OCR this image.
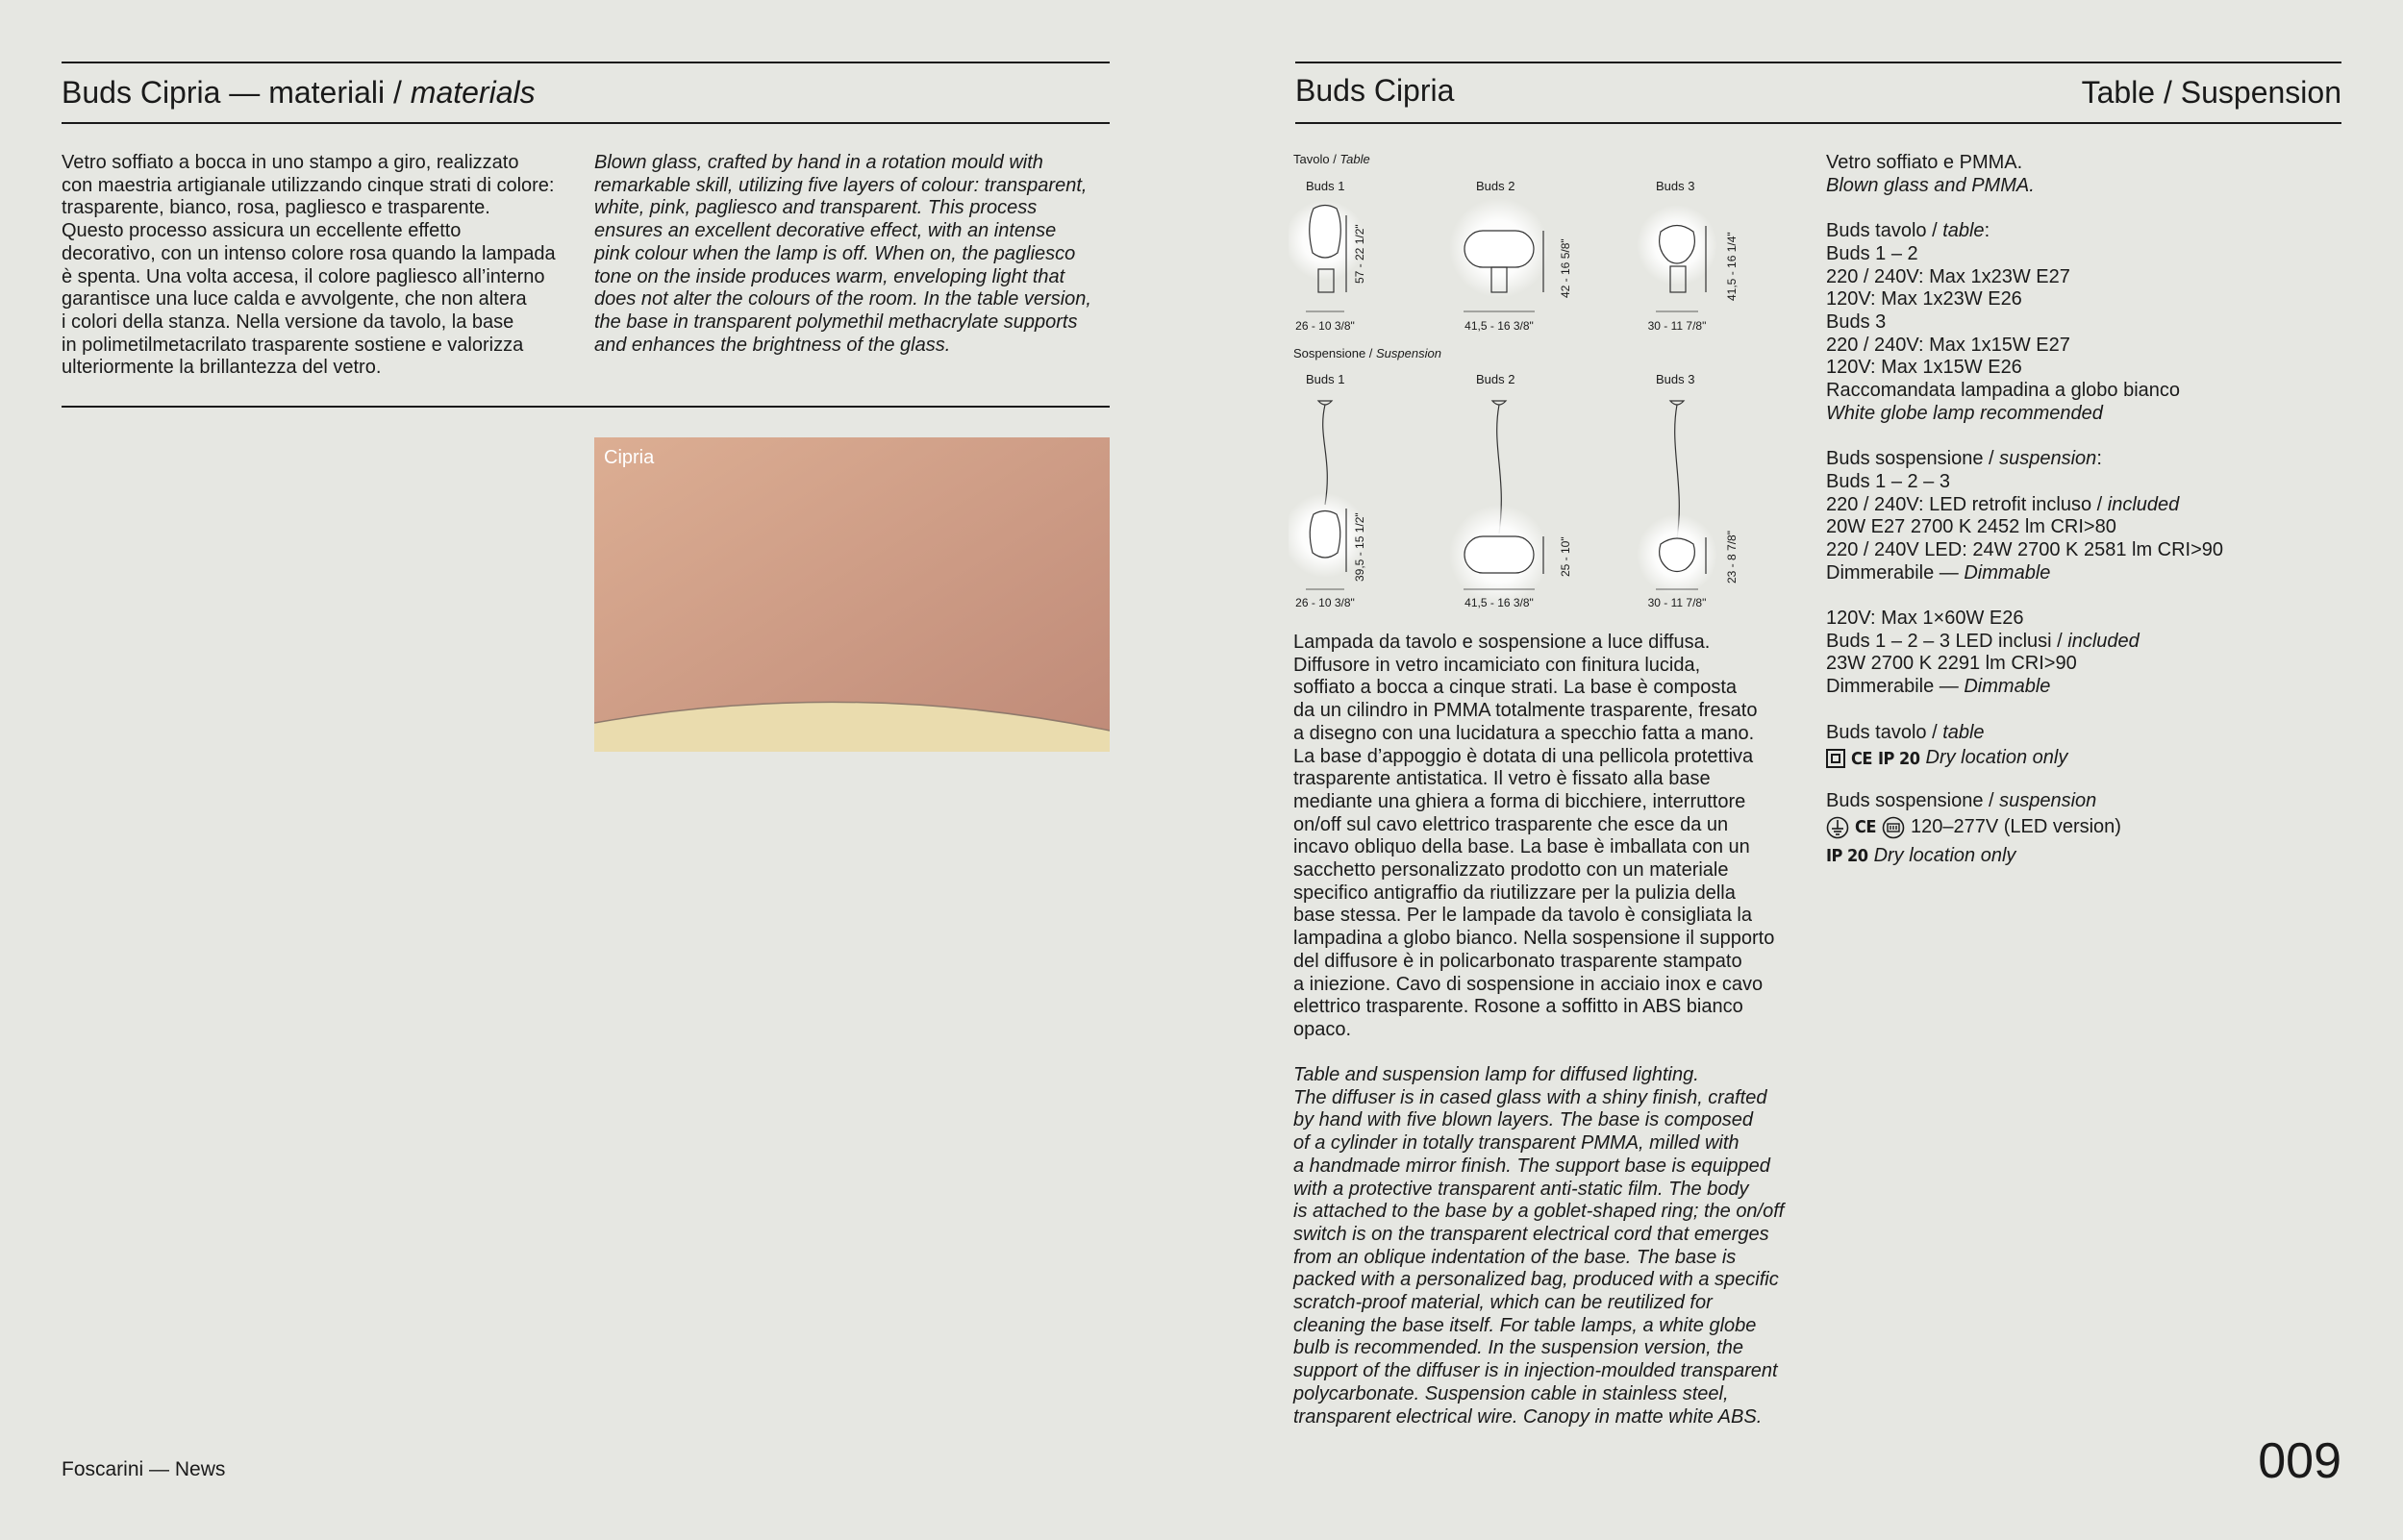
Buds Cipria — materiali / materials
Vetro soffiato a bocca in uno stampo a giro, realizzato
con maestria artigianale utilizzando cinque strati di colore:
trasparente, bianco, rosa, pagliesco e trasparente.
Questo processo assicura un eccellente effetto
decorativo, con un intenso colore rosa quando la lampada
è spenta. Una volta accesa, il colore pagliesco all’interno
garantisce una luce calda e avvolgente, che non altera
i colori della stanza. Nella versione da tavolo, la base
in polimetilmetacrilato trasparente sostiene e valorizza
ulteriormente la brillantezza del vetro.
Blown glass, crafted by hand in a rotation mould with
remarkable skill, utilizing five layers of colour: transparent,
white, pink, pagliesco and transparent. This process
ensures an excellent decorative effect, with an intense
pink colour when the lamp is off. When on, the pagliesco
tone on the inside produces warm, enveloping light that
does not alter the colours of the room. In the table version,
the base in transparent polymethil methacrylate supports
and enhances the brightness of the glass.
Cipria
Foscarini — News
Buds Cipria	Table / Suspension
Tavolo / Table
Sospensione / Suspension
Buds 1	Buds 2	Buds 3
57 - 22 1/2"	42 - 16 5/8"	41,5 - 16 1/4"
26 - 10 3/8"	41,5 - 16 3/8"	30 - 11 7/8"
Buds 1	Buds 2	Buds 3
39,5 - 15 1/2"	25 - 10"	23 - 8 7/8"
26 - 10 3/8"	41,5 - 16 3/8"	30 - 11 7/8"
Lampada da tavolo e sospensione a luce diffusa.
Diffusore in vetro incamiciato con finitura lucida,
soffiato a bocca a cinque strati. La base è composta
da un cilindro in PMMA totalmente trasparente, fresato
a disegno con una lucidatura a specchio fatta a mano.
La base d’appoggio è dotata di una pellicola protettiva
trasparente antistatica. Il vetro è fissato alla base
mediante una ghiera a forma di bicchiere, interruttore
on/off sul cavo elettrico trasparente che esce da un
incavo obliquo della base. La base è imballata con un
sacchetto personalizzato prodotto con un materiale
specifico antigraffio da riutilizzare per la pulizia della
base stessa. Per le lampade da tavolo è consigliata la
lampadina a globo bianco. Nella sospensione il supporto
del diffusore è in policarbonato trasparente stampato
a iniezione. Cavo di sospensione in acciaio inox e cavo
elettrico trasparente. Rosone a soffitto in ABS bianco
opaco.
Table and suspension lamp for diffused lighting.
The diffuser is in cased glass with a shiny finish, crafted
by hand with five blown layers. The base is composed
of a cylinder in totally transparent PMMA, milled with
a handmade mirror finish. The support base is equipped
with a protective transparent anti-static film. The body
is attached to the base by a goblet-shaped ring; the on/off
switch is on the transparent electrical cord that emerges
from an oblique indentation of the base. The base is
packed with a personalized bag, produced with a specific
scratch-proof material, which can be reutilized for
cleaning the base itself. For table lamps, a white globe
bulb is recommended. In the suspension version, the
support of the diffuser is in injection-moulded transparent
polycarbonate. Suspension cable in stainless steel,
transparent electrical wire. Canopy in matte white ABS.
Vetro soffiato e PMMA.
Blown glass and PMMA.
Buds tavolo / table:
Buds 1 – 2
220 / 240V: Max 1x23W E27
120V: Max 1x23W E26
Buds 3
220 / 240V: Max 1x15W E27
120V: Max 1x15W E26
Raccomandata lampadina a globo bianco
White globe lamp recommended
Buds sospensione / suspension:
Buds 1 – 2 – 3
220 / 240V: LED retrofit incluso / included
20W E27 2700 K 2452 lm CRI>80
220 / 240V LED: 24W 2700 K 2581 lm CRI>90
Dimmerabile — Dimmable
120V: Max 1×60W E26
Buds 1 – 2 – 3 LED inclusi / included
23W 2700 K 2291 lm CRI>90
Dimmerabile — Dimmable
Buds tavolo / table
CE IP 20 Dry location only
Buds sospensione / suspension
CE 120–277V (LED version)
IP 20 Dry location only
009
